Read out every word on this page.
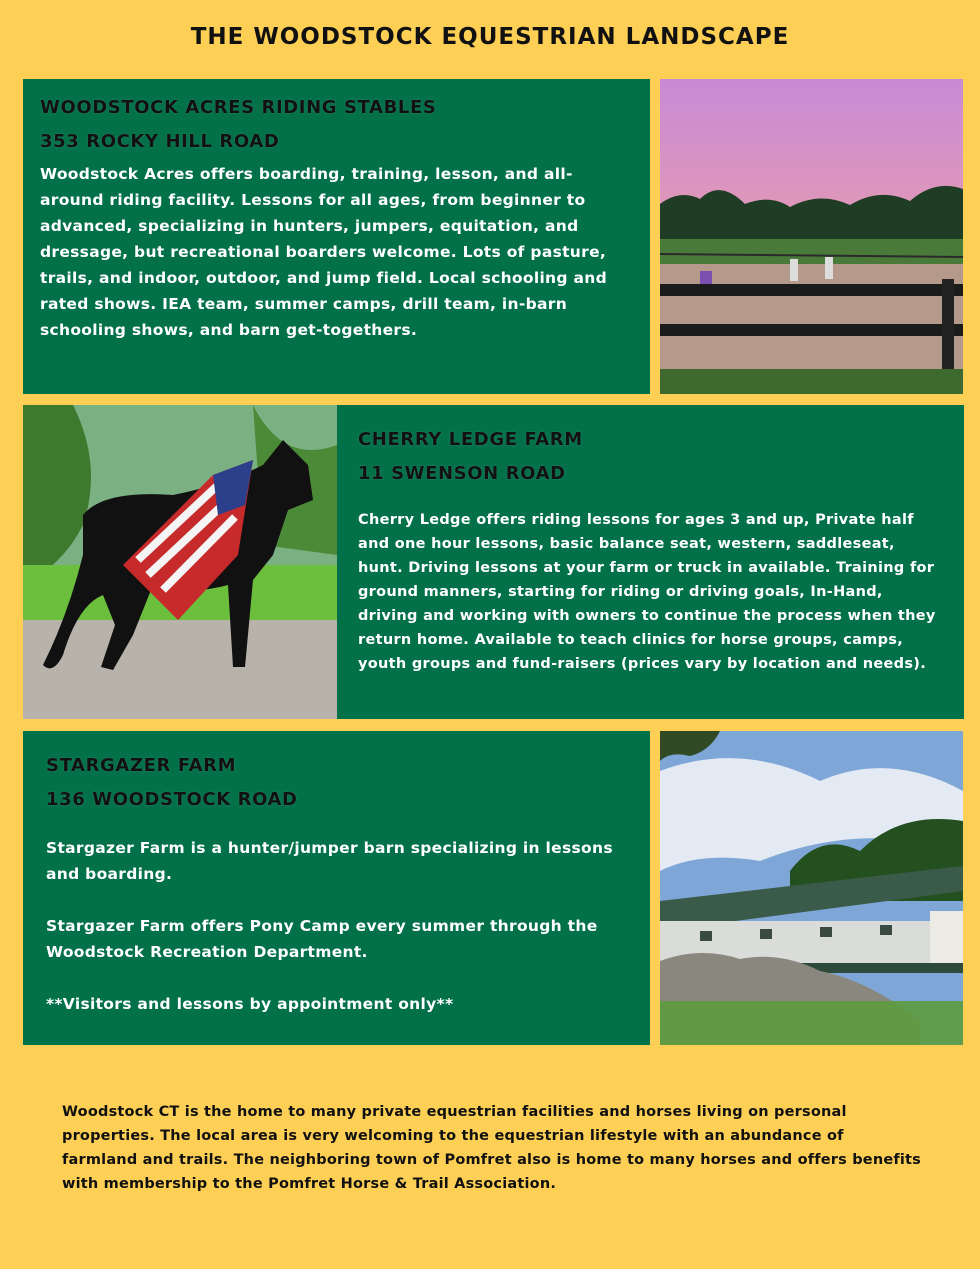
THE WOODSTOCK EQUESTRIAN LANDSCAPE

WOODSTOCK ACRES RIDING STABLES

353 ROCKY HILL ROAD

Woodstock Acres offers boarding, training, lesson, and all-around riding facility. Lessons for all ages, from beginner to advanced, specializing in hunters, jumpers, equitation, and dressage, but recreational boarders welcome. Lots of pasture, trails, and indoor, outdoor, and jump field. Local schooling and rated shows. IEA team, summer camps, drill team, in-barn schooling shows, and barn get-togethers.

CHERRY LEDGE FARM

11 SWENSON ROAD

Cherry Ledge offers riding lessons for ages 3 and up, Private half and one hour lessons, basic balance seat, western, saddleseat, hunt. Driving lessons at your farm or truck in available. Training for ground manners, starting for riding or driving goals, In-Hand, driving and working with owners to continue the process when they return home. Available to teach clinics for horse groups, camps, youth groups and fund-raisers (prices vary by location and needs).

STARGAZER FARM

136 WOODSTOCK ROAD

Stargazer Farm is a hunter/jumper barn specializing in lessons and boarding.

Stargazer Farm offers Pony Camp every summer through the Woodstock Recreation Department.

**Visitors and lessons by appointment only**

Woodstock CT is the home to many private equestrian facilities and horses living on personal properties. The local area is very welcoming to the equestrian lifestyle with an abundance of farmland and trails. The neighboring town of Pomfret also is home to many horses and offers benefits with membership to the Pomfret Horse & Trail Association.
